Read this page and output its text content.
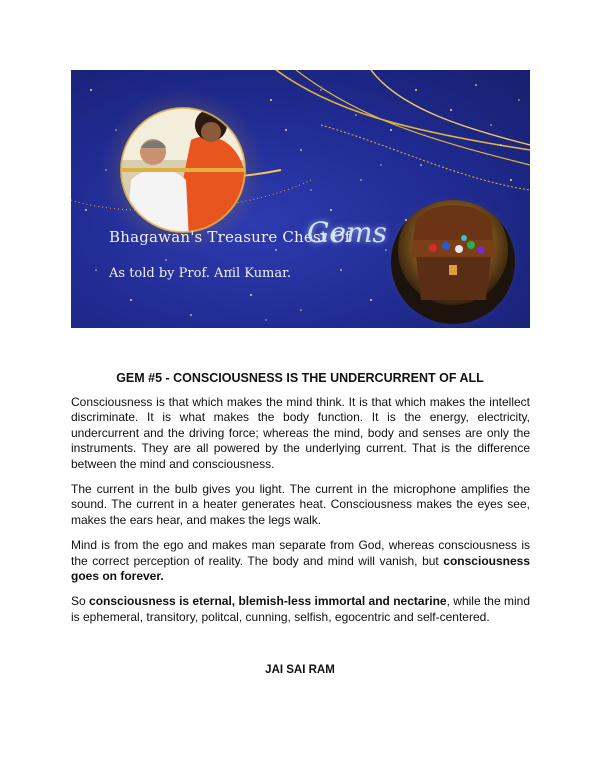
Bhagawan's Treasure Chest Of
Gems
As told by Prof. Anil Kumar.
GEM #5 - CONSCIOUSNESS IS THE UNDERCURRENT OF ALL

Consciousness is that which makes the mind think. It is that which makes the intellect discriminate. It is what makes the body function. It is the energy, electricity, undercurrent and the driving force; whereas the mind, body and senses are only the instruments. They are all powered by the underlying current. That is the difference between the mind and consciousness.

The current in the bulb gives you light. The current in the microphone amplifies the sound. The current in a heater generates heat. Consciousness makes the eyes see, makes the ears hear, and makes the legs walk.

Mind is from the ego and makes man separate from God, whereas consciousness is the correct perception of reality. The body and mind will vanish, but consciousness goes on forever.

So consciousness is eternal, blemish-less immortal and nectarine, while the mind is ephemeral, transitory, politcal, cunning, selfish, egocentric and self-centered.

JAI SAI RAM
